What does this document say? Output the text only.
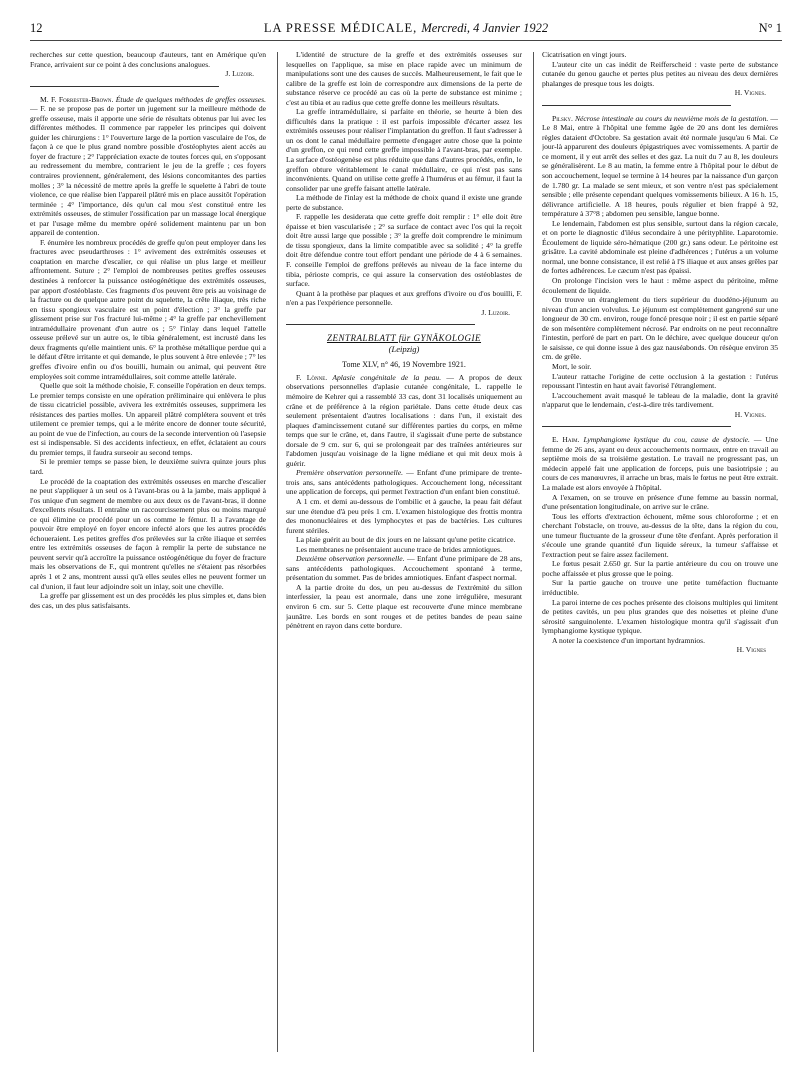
12	LA PRESSE MÉDICALE, Mercredi, 4 Janvier 1922	N° 1

recherches sur cette question, beaucoup d'auteurs, tant en Amérique qu'en France, arrivaient sur ce point à des conclusions analogues.

J. Luzoir.

M. F. Forrester-Brown. Étude de quelques méthodes de greffes osseuses. — F. ne se propose pas de porter un jugement sur la meilleure méthode de greffe osseuse, mais il apporte une série de résultats obtenus par lui avec les différentes méthodes. Il commence par rappeler les principes qui doivent guider les chirurgiens : 1° l'ouverture large de la portion vasculaire de l'os, de façon à ce que le plus grand nombre possible d'ostéophytes aient accès au foyer de fracture ; 2° l'appréciation exacte de toutes forces qui, en s'opposant au redressement du membre, contrarient le jeu de la greffe ; ces foyers contraires proviennent, généralement, des lésions concomitantes des parties molles ; 3° la nécessité de mettre après la greffe le squelette à l'abri de toute violence, ce que réalise bien l'appareil plâtré mis en place aussitôt l'opération terminée ; 4° l'importance, dès qu'un cal mou s'est constitué entre les extrémités osseuses, de stimuler l'ossification par un massage local énergique et par l'usage même du membre opéré solidement maintenu par un bon appareil de contention.

F. énumère les nombreux procédés de greffe qu'on peut employer dans les fractures avec pseudarthroses : 1° avivement des extrémités osseuses et coaptation en marche d'escalier, ce qui réalise un plus large et meilleur affrontement. Suture ; 2° l'emploi de nombreuses petites greffes osseuses destinées à renforcer la puissance ostéogénétique des extrémités osseuses, par apport d'ostéoblaste. Ces fragments d'os peuvent être pris au voisinage de la fracture ou de quelque autre point du squelette, la crête iliaque, très riche en tissu spongieux vasculaire est un point d'élection ; 3° la greffe par glissement prise sur l'os fracturé lui-même ; 4° la greffe par enchevillement intramédullaire provenant d'un autre os ; 5° l'inlay dans lequel l'attelle osseuse prélevé sur un autre os, le tibia généralement, est incrusté dans les deux fragments qu'elle maintient unis. 6° la prothèse métallique perdue qui a le défaut d'être irritante et qui demande, le plus souvent à être enlevée ; 7° les greffes d'ivoire enfin ou d'os bouilli, humain ou animal, qui peuvent être employées soit comme intramédullaires, soit comme attelle latérale.

Quelle que soit la méthode choisie, F. conseille l'opération en deux temps. Le premier temps consiste en une opération préliminaire qui enlèvera le plus de tissu cicatriciel possible, avivera les extrémités osseuses, supprimera les résistances des parties molles. Un appareil plâtré complétera souvent et très utilement ce premier temps, qui a le mérite encore de donner toute sécurité, au point de vue de l'infection, au cours de la seconde intervention où l'asepsie est si indispensable. Si des accidents infectieux, en effet, éclataient au cours du premier temps, il faudra surseoir au second temps.

Si le premier temps se passe bien, le deuxième suivra quinze jours plus tard.

Le procédé de la coaptation des extrémités osseuses en marche d'escalier ne peut s'appliquer à un seul os à l'avant-bras ou à la jambe, mais appliqué à l'os unique d'un segment de membre ou aux deux os de l'avant-bras, il donne d'excellents résultats. Il entraîne un raccourcissement plus ou moins marqué ce qui élimine ce procédé pour un os comme le fémur. Il a l'avantage de pouvoir être employé en foyer encore infecté alors que les autres procédés échoueraient. Les petites greffes d'os prélevées sur la crête iliaque et serrées entre les extrémités osseuses de façon à remplir la perte de substance ne peuvent servir qu'à accroître la puissance ostéogénétique du foyer de fracture mais les observations de F., qui montrent qu'elles ne s'étaient pas résorbées après 1 et 2 ans, montrent aussi qu'à elles seules elles ne peuvent former un cal d'union, il faut leur adjoindre soit un inlay, soit une cheville.

La greffe par glissement est un des procédés les plus simples et, dans bien des cas, un des plus satisfaisants.

L'identité de structure de la greffe et des extrémités osseuses sur lesquelles on l'applique, sa mise en place rapide avec un minimum de manipulations sont une des causes de succès. Malheureusement, le fait que le calibre de la greffe est loin de correspondre aux dimensions de la perte de substance réserve ce procédé au cas où la perte de substance est minime ; c'est au tibia et au radius que cette greffe donne les meilleurs résultats.

La greffe intramédullaire, si parfaite en théorie, se heurte à bien des difficultés dans la pratique : il est parfois impossible d'écarter assez les extrémités osseuses pour réaliser l'implantation du greffon. Il faut s'adresser à un os dont le canal médullaire permette d'engager autre chose que la pointe d'un greffon, ce qui rend cette greffe impossible à l'avant-bras, par exemple. La surface d'ostéogenèse est plus réduite que dans d'autres procédés, enfin, le greffon obture véritablement le canal médullaire, ce qui n'est pas sans inconvénients. Quand on utilise cette greffe à l'humérus et au fémur, il faut la consolider par une greffe faisant attelle latérale.

La méthode de l'inlay est la méthode de choix quand il existe une grande perte de substance.

F. rappelle les desiderata que cette greffe doit remplir : 1° elle doit être épaisse et bien vascularisée ; 2° sa surface de contact avec l'os qui la reçoit doit être aussi large que possible ; 3° la greffe doit comprendre le minimum de tissu spongieux, dans la limite compatible avec sa solidité ; 4° la greffe doit être défendue contre tout effort pendant une période de 4 à 6 semaines. F. conseille l'emploi de greffons prélevés au niveau de la face interne du tibia, périoste compris, ce qui assure la conservation des ostéoblastes de surface.

Quant à la prothèse par plaques et aux greffons d'ivoire ou d'os bouilli, F. n'en a pas l'expérience personnelle.

J. Luzoir.
ZENTRALBLATT für GYNÄKOLOGIE
(Leipzig)
Tome XLV, n° 46, 19 Novembre 1921.

F. Lönne. Aplasie congénitale de la peau. — A propos de deux observations personnelles d'aplasie cutanée congénitale, L. rappelle le mémoire de Kehrer qui a rassemblé 33 cas, dont 31 localisés uniquement au crâne et de préférence à la région pariétale. Dans cette étude deux cas seulement présentaient d'autres localisations : dans l'un, il existait des plaques d'amincissement cutané sur différentes parties du corps, en même temps que sur le crâne, et, dans l'autre, il s'agissait d'une perte de substance dorsale de 9 cm. sur 6, qui se prolongeait par des traînées antérieures sur l'abdomen jusqu'au voisinage de la ligne médiane et qui mit deux mois à guérir.

Première observation personnelle. — Enfant d'une primipare de trente-trois ans, sans antécédents pathologiques. Accouchement long, nécessitant une application de forceps, qui permet l'extraction d'un enfant bien constitué.

A 1 cm. et demi au-dessous de l'ombilic et à gauche, la peau fait défaut sur une étendue d'à peu près 1 cm. L'examen histologique des frottis montra des mononucléaires et des lymphocytes et pas de bactéries. Les cultures furent stériles.

La plaie guérit au bout de dix jours en ne laissant qu'une petite cicatrice.

Les membranes ne présentaient aucune trace de brides amniotiques.

Deuxième observation personnelle. — Enfant d'une primipare de 28 ans, sans antécédents pathologiques. Accouchement spontané à terme, présentation du sommet. Pas de brides amniotiques. Enfant d'aspect normal.

A la partie droite du dos, un peu au-dessus de l'extrémité du sillon interfessier, la peau est anormale, dans une zone irrégulière, mesurant environ 6 cm. sur 5. Cette plaque est recouverte d'une mince membrane jaunâtre. Les bords en sont rouges et de petites bandes de peau saine pénètrent en rayon dans cette bordure.

Cicatrisation en vingt jours.

L'auteur cite un cas inédit de Reifferscheid : vaste perte de substance cutanée du genou gauche et pertes plus petites au niveau des deux dernières phalanges de presque tous les doigts.

H. Vignes.

Pilsky. Nécrose intestinale au cours du neuvième mois de la gestation. — Le 8 Mai, entre à l'hôpital une femme âgée de 20 ans dont les dernières règles dataient d'Octobre. Sa gestation avait été normale jusqu'au 6 Mai. Ce jour-là apparurent des douleurs épigastriques avec vomissements. A partir de ce moment, il y eut arrêt des selles et des gaz. La nuit du 7 au 8, les douleurs se généralisèrent. Le 8 au matin, la femme entre à l'hôpital pour le début de son accouchement, lequel se termine à 14 heures par la naissance d'un garçon de 1.780 gr. La malade se sent mieux, et son ventre n'est pas spécialement sensible ; elle présente cependant quelques vomissements bilieux. A 16 h. 15, délivrance artificielle. A 18 heures, pouls régulier et bien frappé à 92, température à 37°8 ; abdomen peu sensible, langue bonne.

Le lendemain, l'abdomen est plus sensible, surtout dans la région cæcale, et on porte le diagnostic d'iléus secondaire à une pérityphlite. Laparotomie. Écoulement de liquide séro-hématique (200 gr.) sans odeur. Le péritoine est grisâtre. La cavité abdominale est pleine d'adhérences ; l'utérus a un volume normal, une bonne consistance, il est relié à l'S iliaque et aux anses grêles par de fortes adhérences. Le cæcum n'est pas épaissi.

On prolonge l'incision vers le haut : même aspect du péritoine, même écoulement de liquide.

On trouve un étranglement du tiers supérieur du duodéno-jéjunum au niveau d'un ancien volvulus. Le jéjunum est complètement gangrené sur une longueur de 30 cm. environ, rouge foncé presque noir ; il est en partie séparé de son mésentère complètement nécrosé. Par endroits on ne peut reconnaître l'intestin, perforé de part en part. On le déchire, avec quelque douceur qu'on le saisisse, ce qui donne issue à des gaz nauséabonds. On résèque environ 35 cm. de grêle.

Mort, le soir.

L'auteur rattache l'origine de cette occlusion à la gestation : l'utérus repoussant l'intestin en haut avait favorisé l'étranglement.

L'accouchement avait masqué le tableau de la maladie, dont la gravité n'apparut que le lendemain, c'est-à-dire très tardivement.

H. Vignes.

E. Haim. Lymphangiome kystique du cou, cause de dystocie. — Une femme de 26 ans, ayant eu deux accouchements normaux, entre en travail au septième mois de sa troisième gestation. Le travail ne progressant pas, un médecin appelé fait une application de forceps, puis une basiotripsie ; au cours de ces manœuvres, il arrache un bras, mais le fœtus ne peut être extrait. La malade est alors envoyée à l'hôpital.

A l'examen, on se trouve en présence d'une femme au bassin normal, d'une présentation longitudinale, on arrive sur le crâne.

Tous les efforts d'extraction échouent, même sous chloroforme ; et en cherchant l'obstacle, on trouve, au-dessus de la tête, dans la région du cou, une tumeur fluctuante de la grosseur d'une tête d'enfant. Après perforation il s'écoule une grande quantité d'un liquide séreux, la tumeur s'affaisse et l'extraction peut se faire assez facilement.

Le fœtus pesait 2.650 gr. Sur la partie antérieure du cou on trouve une poche affaissée et plus grosse que le poing.

Sur la partie gauche on trouve une petite tuméfaction fluctuante irréductible.

La paroi interne de ces poches présente des cloisons multiples qui limitent de petites cavités, un peu plus grandes que des noisettes et pleine d'une sérosité sanguinolente. L'examen histologique montra qu'il s'agissait d'un lymphangiome kystique typique.

A noter la coexistence d'un important hydramnios.

H. Vignes
